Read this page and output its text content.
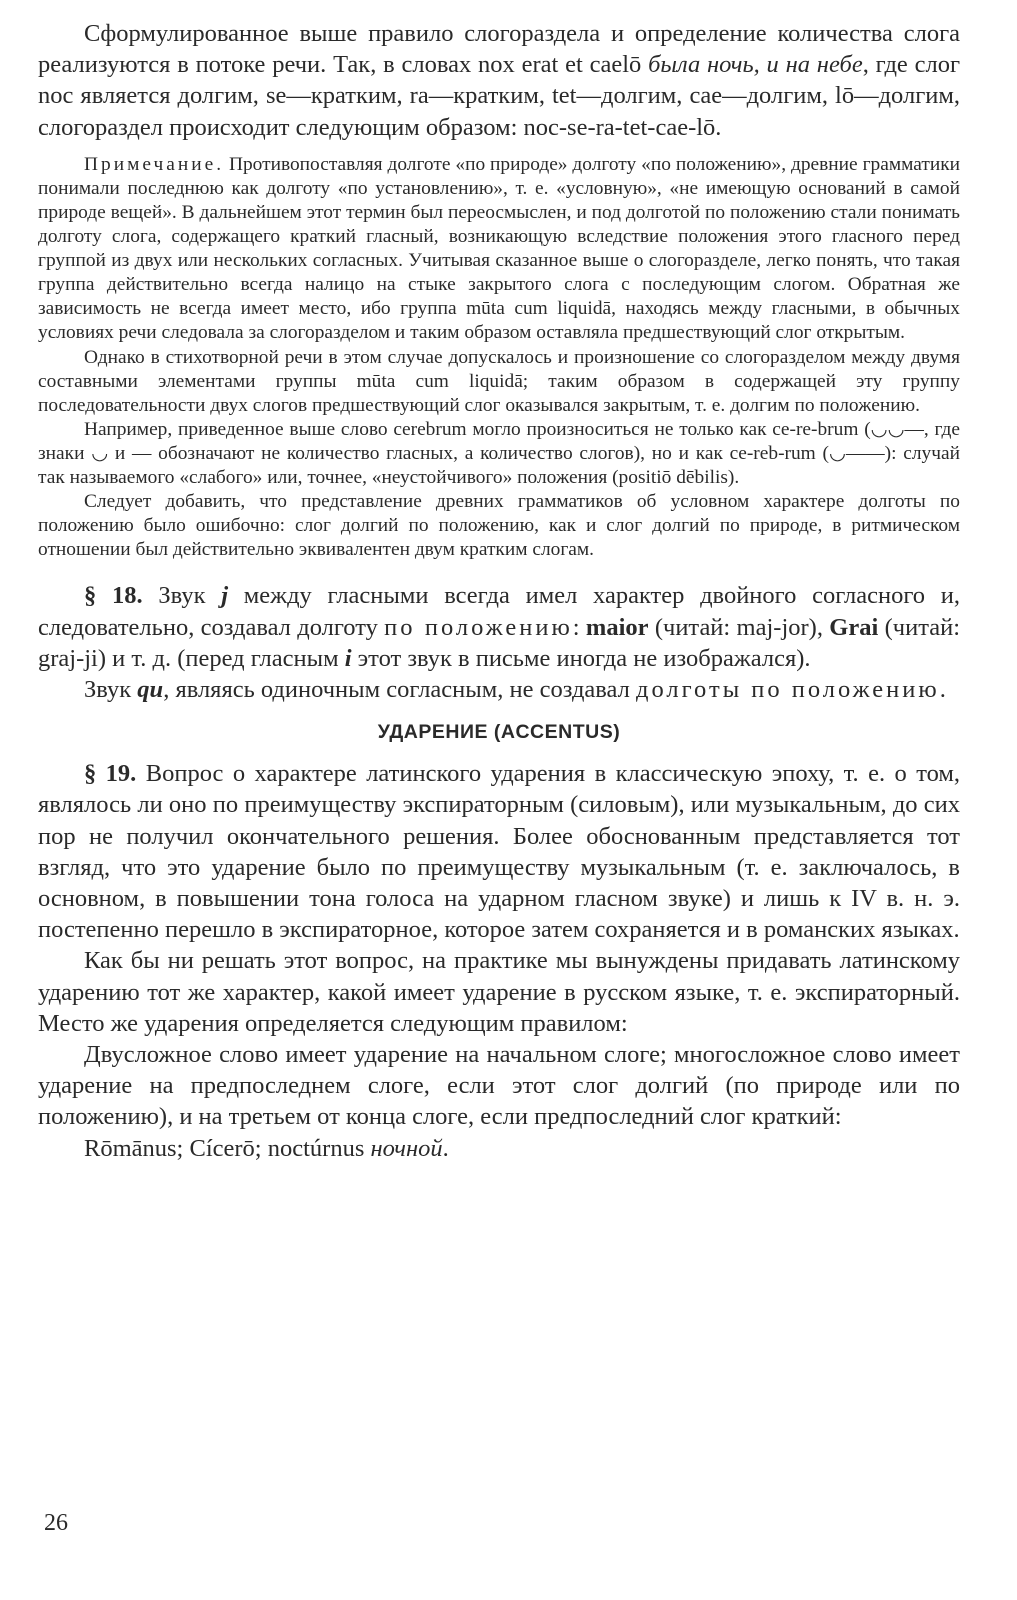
Сформулированное выше правило слогораздела и определение количества слога реализуются в потоке речи. Так, в словах nox erat et caelō была ночь, и на небе, где слог noc является долгим, se—кратким, ra—кратким, tet—долгим, cae—долгим, lō—долгим, слогораздел происходит следующим образом: noc-se-ra-tet-cae-lō.

Примечание. Противопоставляя долготе «по природе» долготу «по положению», древние грамматики понимали последнюю как долготу «по установлению», т. е. «условную», «не имеющую оснований в самой природе вещей». В дальнейшем этот термин был переосмыслен, и под долготой по положению стали понимать долготу слога, содержащего краткий гласный, возникающую вследствие положения этого гласного перед группой из двух или нескольких согласных. Учитывая сказанное выше о слогоразделе, легко понять, что такая группа действительно всегда налицо на стыке закрытого слога с последующим слогом. Обратная же зависимость не всегда имеет место, ибо группа mūta cum liquidā, находясь между гласными, в обычных условиях речи следовала за слогоразделом и таким образом оставляла предшествующий слог открытым.

Однако в стихотворной речи в этом случае допускалось и произношение со слогоразделом между двумя составными элементами группы mūta cum liquidā; таким образом в содержащей эту группу последовательности двух слогов предшествующий слог оказывался закрытым, т. е. долгим по положению.

Например, приведенное выше слово cerebrum могло произноситься не только как ce-re-brum (◡◡—, где знаки ◡ и — обозначают не количество гласных, а количество слогов), но и как ce-reb-rum (◡——): случай так называемого «слабого» или, точнее, «неустойчивого» положения (positiō dēbilis).

Следует добавить, что представление древних грамматиков об условном характере долготы по положению было ошибочно: слог долгий по положению, как и слог долгий по природе, в ритмическом отношении был действительно эквивалентен двум кратким слогам.

§ 18. Звук j между гласными всегда имел характер двойного согласного и, следовательно, создавал долготу по положению: maior (читай: maj-jor), Grai (читай: graj-ji) и т. д. (перед гласным i этот звук в письме иногда не изображался).

Звук qu, являясь одиночным согласным, не создавал долготы по положению.

УДАРЕНИЕ (ACCENTUS)

§ 19. Вопрос о характере латинского ударения в классическую эпоху, т. е. о том, являлось ли оно по преимуществу экспираторным (силовым), или музыкальным, до сих пор не получил окончательного решения. Более обоснованным представляется тот взгляд, что это ударение было по преимуществу музыкальным (т. е. заключалось, в основном, в повышении тона голоса на ударном гласном звуке) и лишь к IV в. н. э. постепенно перешло в экспираторное, которое затем сохраняется и в романских языках.

Как бы ни решать этот вопрос, на практике мы вынуждены придавать латинскому ударению тот же характер, какой имеет ударение в русском языке, т. е. экспираторный. Место же ударения определяется следующим правилом:

Двусложное слово имеет ударение на начальном слоге; многосложное слово имеет ударение на предпоследнем слоге, если этот слог долгий (по природе или по положению), и на третьем от конца слоге, если предпоследний слог краткий:

Rōmānus; Cícerō; noctúrnus ночной.

26
